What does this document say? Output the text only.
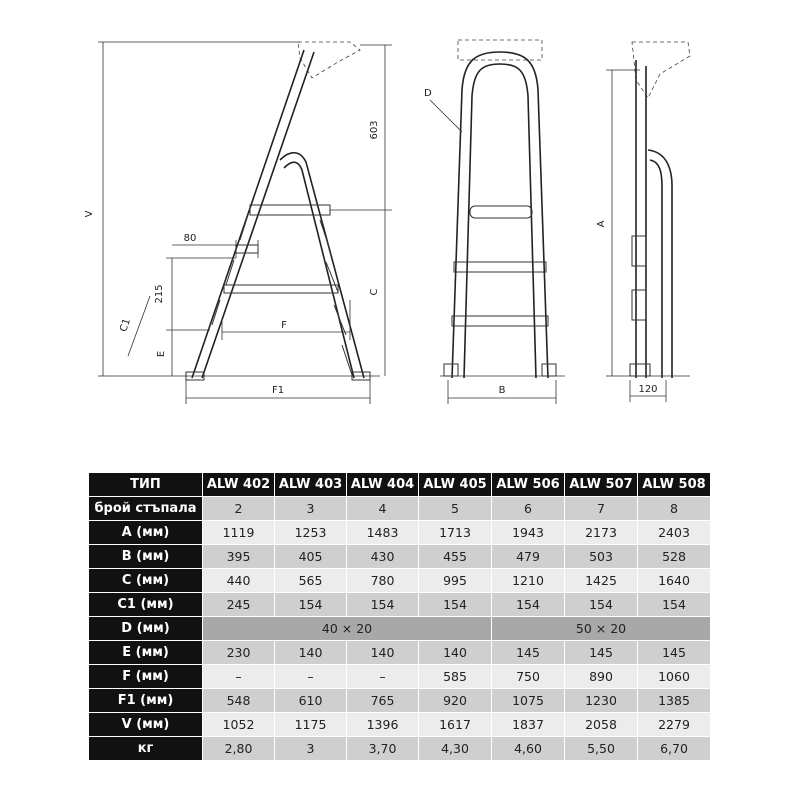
V
603
C
80
215
C1
E
F
F1
D
B
A
120
ТИП	ALW 402	ALW 403	ALW 404	ALW 405	ALW 506	ALW 507	ALW 508
брой стъпала	2	3	4	5	6	7	8
A (мм)	1119	1253	1483	1713	1943	2173	2403
B (мм)	395	405	430	455	479	503	528
C (мм)	440	565	780	995	1210	1425	1640
C1 (мм)	245	154	154	154	154	154	154
D (мм)	40 × 20				50 × 20		
E (мм)	230	140	140	140	145	145	145
F (мм)	–	–	–	585	750	890	1060
F1 (мм)	548	610	765	920	1075	1230	1385
V (мм)	1052	1175	1396	1617	1837	2058	2279
кг	2,80	3	3,70	4,30	4,60	5,50	6,70
